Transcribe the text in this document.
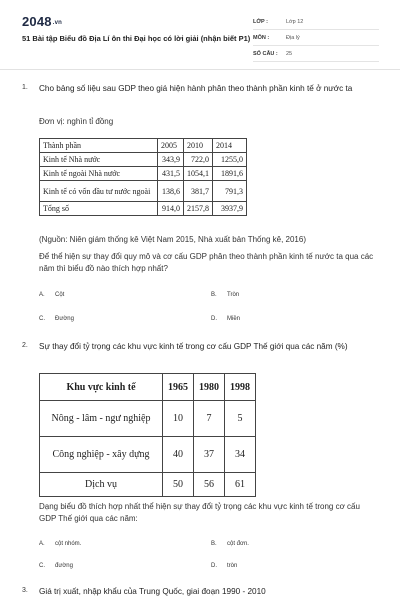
2048.vn
51 Bài tập Biểu đồ Địa Lí ôn thi Đại học có lời giải (nhận biết P1)
LỚP :	Lớp 12
MÔN :	Địa lý
SỐ CÂU :	25
1. Cho bảng số liệu sau GDP theo giá hiện hành phân theo thành phần kinh tế ở nước ta
Đơn vị: nghìn tỉ đồng
Thành phần	2005	2010	2014
Kinh tế Nhà nước	343,9	722,0	1255,0
Kinh tế ngoài Nhà nước	431,5	1054,1	1891,6
Kinh tế có vốn đầu tư nước ngoài	138,6	381,7	791,3
Tổng số	914,0	2157,8	3937,9
(Nguồn: Niên giám thống kê Việt Nam 2015, Nhà xuất bản Thống kê, 2016)
Để thể hiện sự thay đổi quy mô và cơ cấu GDP phân theo thành phần kinh tế nước ta qua các năm thì biểu đồ nào thích hợp nhất?
A. Cột	B. Tròn
C. Đường	D. Miền
2. Sự thay đổi tỷ trọng các khu vực kinh tế trong cơ cấu GDP Thế giới qua các năm (%)
Khu vực kinh tế	1965	1980	1998
Nông - lâm - ngư nghiệp	10	7	5
Công nghiệp - xây dựng	40	37	34
Dịch vụ	50	56	61
Dạng biểu đồ thích hợp nhất thể hiện sự thay đổi tỷ trọng các khu vực kinh tế trong cơ cấu GDP Thế giới qua các năm:
A. cột nhóm.	B. cột đơn.
C. đường	D. tròn
3. Giá trị xuất, nhập khẩu của Trung Quốc, giai đoạn 1990 - 2010
